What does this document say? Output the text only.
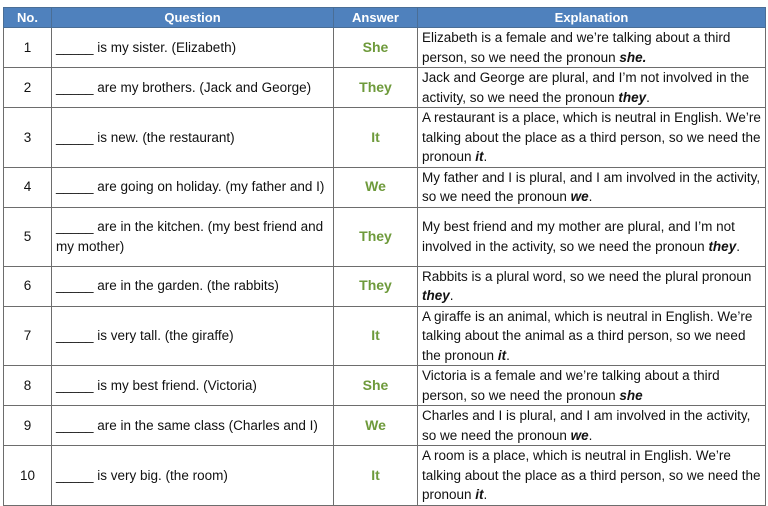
No.	Question	Answer	Explanation
1	_____ is my sister. (Elizabeth)	She	Elizabeth is a female and we’re talking about a third person, so we need the pronoun she.
2	_____ are my brothers. (Jack and George)	They	Jack and George are plural, and I’m not involved in the activity, so we need the pronoun they.
3	_____ is new. (the restaurant)	It	A restaurant is a place, which is neutral in English. We’re talking about the place as a third person, so we need the pronoun it.
4	_____ are going on holiday. (my father and I)	We	My father and I is plural, and I am involved in the activity, so we need the pronoun we.
5	_____ are in the kitchen. (my best friend and my mother)	They	My best friend and my mother are plural, and I’m not involved in the activity, so we need the pronoun they.
6	_____ are in the garden. (the rabbits)	They	Rabbits is a plural word, so we need the plural pronoun they.
7	_____ is very tall. (the giraffe)	It	A giraffe is an animal, which is neutral in English. We’re talking about the animal as a third person, so we need the pronoun it.
8	_____ is my best friend. (Victoria)	She	Victoria is a female and we’re talking about a third person, so we need the pronoun she
9	_____ are in the same class (Charles and I)	We	Charles and I is plural, and I am involved in the activity, so we need the pronoun we.
10	_____ is very big. (the room)	It	A room is a place, which is neutral in English. We’re talking about the place as a third person, so we need the pronoun it.
